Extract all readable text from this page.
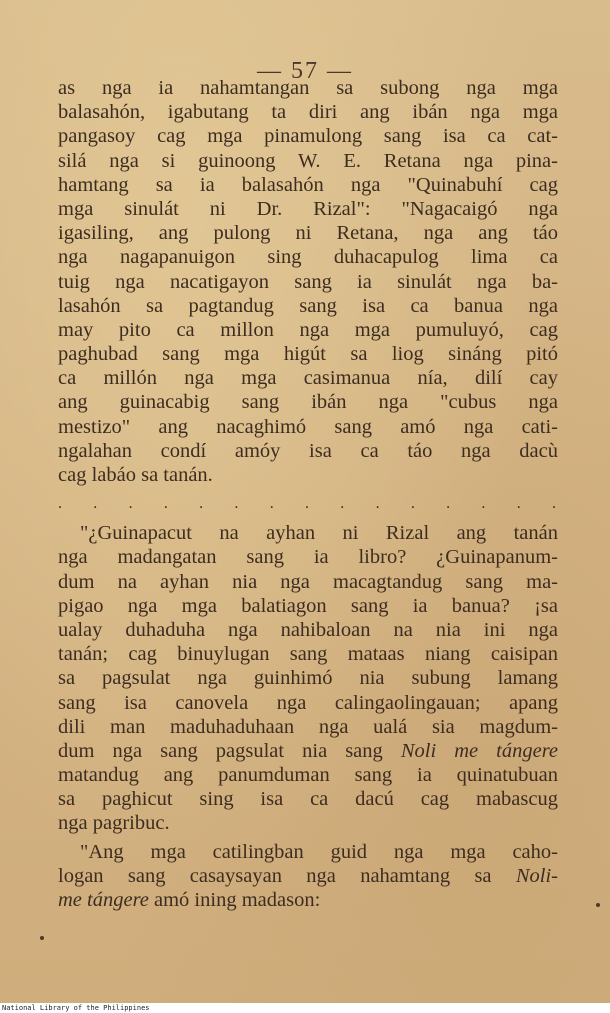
— 57 —
as nga ia nahamtangan sa subong nga mga
balasahón, igabutang ta diri ang ibán nga mga
pangasoy cag mga pinamulong sang isa ca cat-
silá nga si guinoong W. E. Retana nga pina-
hamtang sa ia balasahón nga "Quinabuhí cag
mga sinulát ni Dr. Rizal": "Nagacaigó nga
igasiling, ang pulong ni Retana, nga ang táo
nga nagapanuigon sing duhacapulog lima ca
tuig nga nacatigayon sang ia sinulát nga ba-
lasahón sa pagtandug sang isa ca banua nga
may pito ca millon nga mga pumuluyó, cag
paghubad sang mga higút sa liog sináng pitó
ca millón nga mga casimanua nía, dilí cay
ang guinacabig sang ibán nga "cubus nga
mestizo" ang nacaghimó sang amó nga cati-
ngalahan condí amóy isa ca táo nga dacù
cag labáo sa tanán.
. . . . . . . . . . . . . . .
"¿Guinapacut na ayhan ni Rizal ang tanán
nga madangatan sang ia libro? ¿Guinapanum-
dum na ayhan nia nga macagtandug sang ma-
pigao nga mga balatiagon sang ia banua? ¡sa
ualay duhaduha nga nahibaloan na nia ini nga
tanán; cag binuylugan sang mataas niang caisipan
sa pagsulat nga guinhimó nia subung lamang
sang isa canovela nga calingaolingauan; apang
dili man maduhaduhaan nga ualá sia magdum-
dum nga sang pagsulat nia sang Noli me tángere
matandug ang panumduman sang ia quinatubuan
sa paghicut sing isa ca dacú cag mabascug
nga pagribuc.
"Ang mga catilingban guid nga mga caho-
logan sang casaysayan nga nahamtang sa Noli-
me tángere amó ining madason:
National Library of the Philippines
